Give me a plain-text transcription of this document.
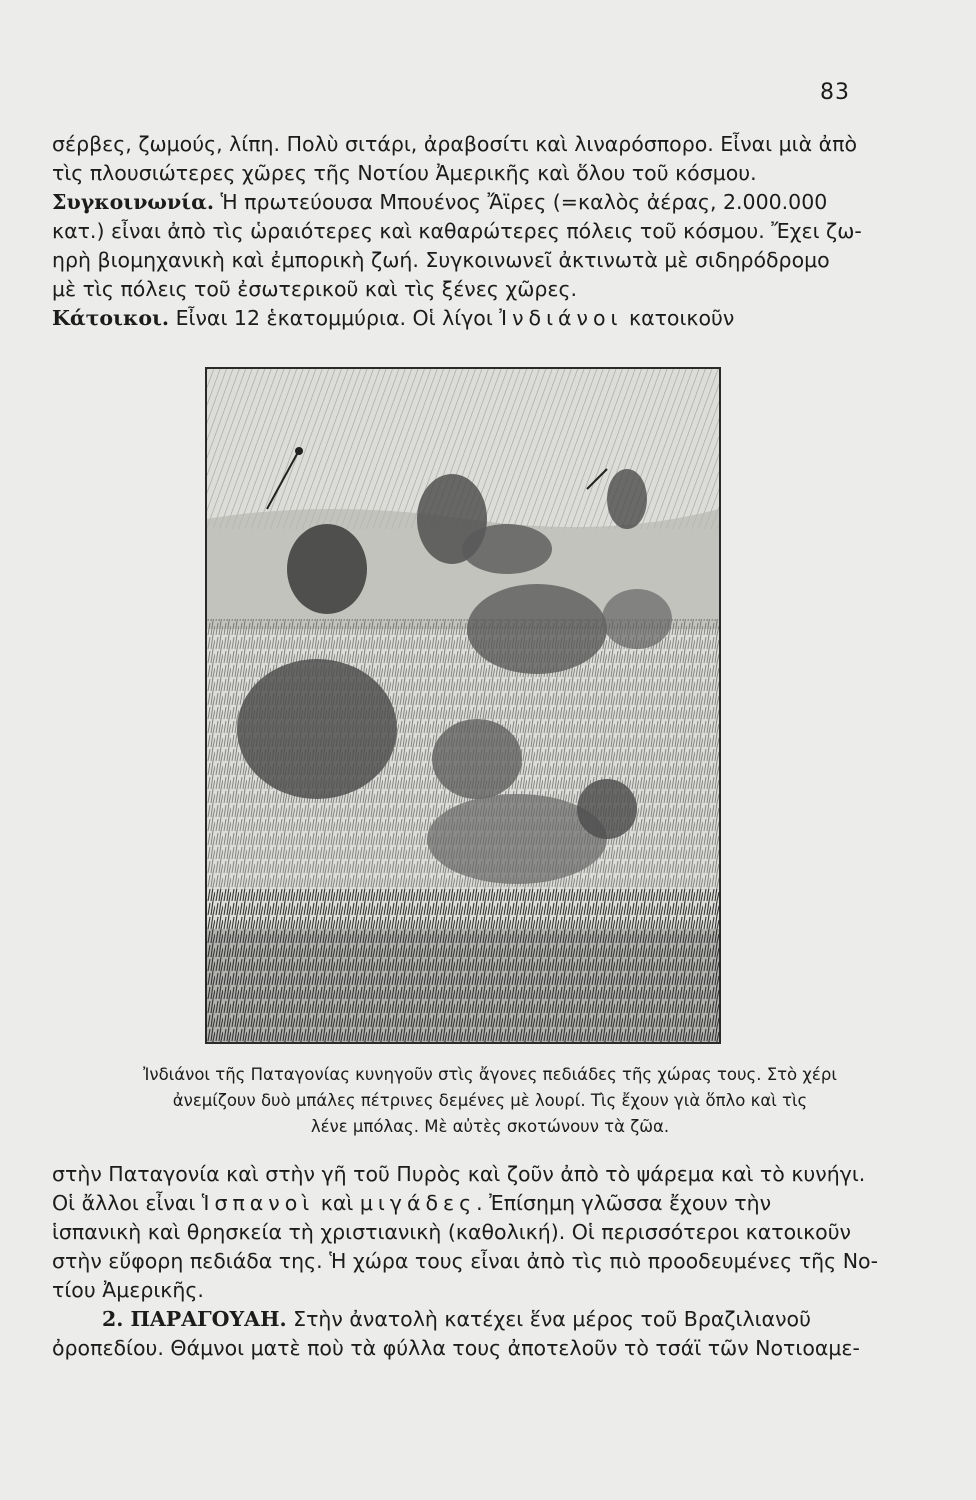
83

σέρβες, ζωμούς, λίπη. Πολὺ σιτάρι, ἀραβοσίτι καὶ λιναρόσπορο. Εἶναι μιὰ ἀπὸ

τὶς πλουσιώτερες χῶρες τῆς Νοτίου Ἀμερικῆς καὶ ὅλου τοῦ κόσμου.

Συγκοινωνία. Ἡ πρωτεύουσα Μπουένος Ἄϊρες (=καλὸς ἀέρας, 2.000.000

κατ.) εἶναι ἀπὸ τὶς ὡραιότερες καὶ καθαρώτερες πόλεις τοῦ κόσμου. Ἔχει ζω-

ηρὴ βιομηχανικὴ καὶ ἐμπορικὴ ζωή. Συγκοινωνεῖ ἀκτινωτὰ μὲ σιδηρόδρομο

μὲ τὶς πόλεις τοῦ ἐσωτερικοῦ καὶ τὶς ξένες χῶρες.

Κάτοικοι. Εἶναι 12 ἑκατομμύρια. Οἱ λίγοι Ἰνδιάνοι κατοικοῦν

Ἰνδιάνοι τῆς Παταγονίας κυνηγοῦν στὶς ἄγονες πεδιάδες τῆς χώρας τους. Στὸ χέρι

ἀνεμίζουν δυὸ μπάλες πέτρινες δεμένες μὲ λουρί. Τὶς ἔχουν γιὰ ὅπλο καὶ τὶς

λένε μπόλας. Μὲ αὐτὲς σκοτώνουν τὰ ζῶα.

στὴν Παταγονία καὶ στὴν γῆ τοῦ Πυρὸς καὶ ζοῦν ἀπὸ τὸ ψάρεμα καὶ τὸ κυνήγι.

Οἱ ἄλλοι εἶναι Ἱσπανοὶ καὶ μιγάδες. Ἐπίσημη γλῶσσα ἔχουν τὴν

ἱσπανικὴ καὶ θρησκεία τὴ χριστιανικὴ (καθολική). Οἱ περισσότεροι κατοικοῦν

στὴν εὔφορη πεδιάδα της. Ἡ χώρα τους εἶναι ἀπὸ τὶς πιὸ προοδευμένες τῆς Νο-

τίου Ἀμερικῆς.

2. ΠΑΡΑΓΟΥΑΗ. Στὴν ἀνατολὴ κατέχει ἕνα μέρος τοῦ Βραζιλιανοῦ

ὀροπεδίου. Θάμνοι ματὲ ποὺ τὰ φύλλα τους ἀποτελοῦν τὸ τσάϊ τῶν Νοτιοαμε-
